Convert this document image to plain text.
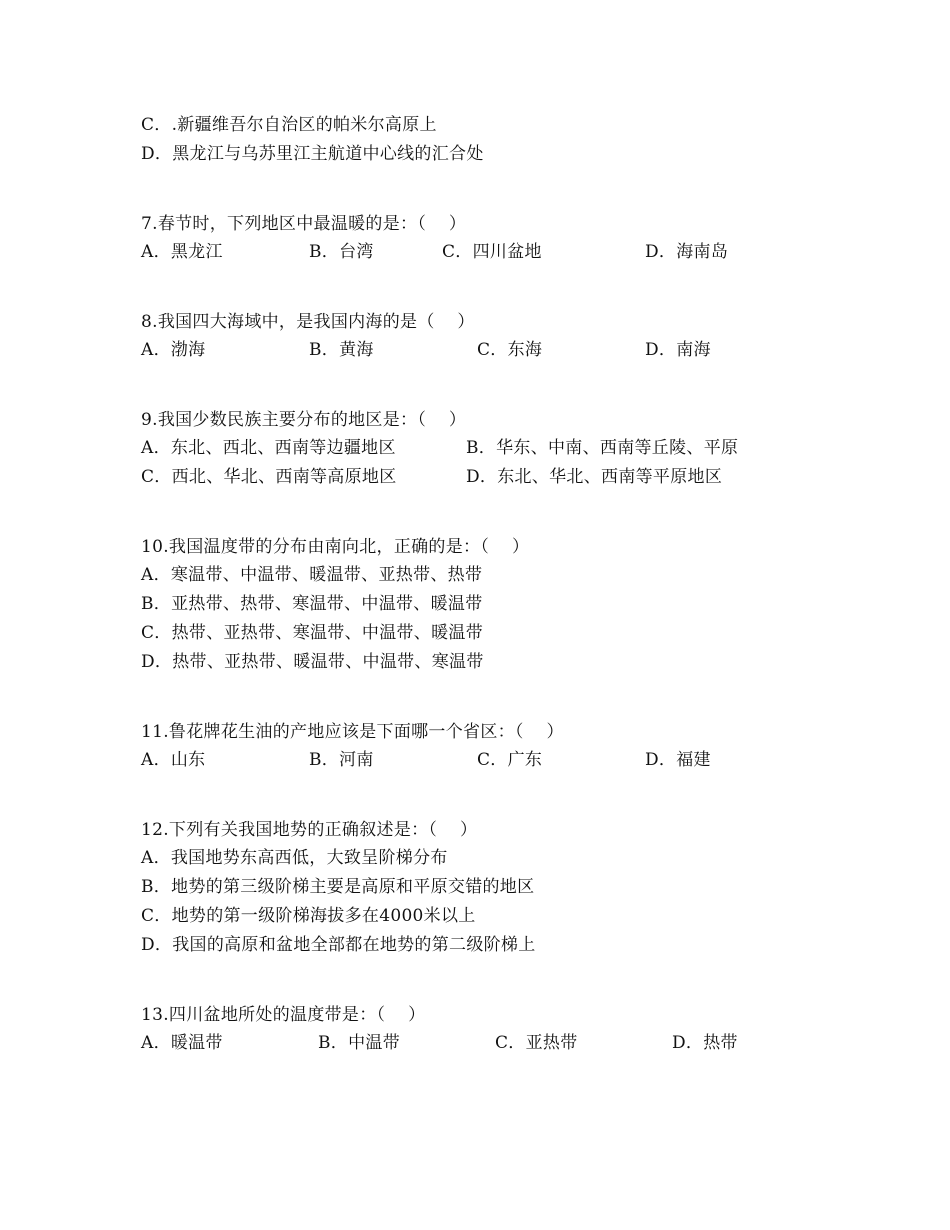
C．.新疆维吾尔自治区的帕米尔高原上
D．黑龙江与乌苏里江主航道中心线的汇合处
7.春节时，下列地区中最温暖的是：（    ）
A．黑龙江	B．台湾	C．四川盆地	D．海南岛
8.我国四大海域中，是我国内海的是（    ）
A．渤海	B．黄海	C．东海	D．南海
9.我国少数民族主要分布的地区是：（    ）
A．东北、西北、西南等边疆地区	B．华东、中南、西南等丘陵、平原
C．西北、华北、西南等高原地区	D．东北、华北、西南等平原地区
10.我国温度带的分布由南向北，正确的是：（    ）
A．寒温带、中温带、暖温带、亚热带、热带
B．亚热带、热带、寒温带、中温带、暖温带
C．热带、亚热带、寒温带、中温带、暖温带
D．热带、亚热带、暖温带、中温带、寒温带
11.鲁花牌花生油的产地应该是下面哪一个省区：（    ）
A．山东	B．河南	C．广东	D．福建
12.下列有关我国地势的正确叙述是：（    ）
A．我国地势东高西低，大致呈阶梯分布
B．地势的第三级阶梯主要是高原和平原交错的地区
C．地势的第一级阶梯海拔多在4000米以上
D．我国的高原和盆地全部都在地势的第二级阶梯上
13.四川盆地所处的温度带是：（    ）
A．暖温带	B．中温带	C．亚热带	D．热带
